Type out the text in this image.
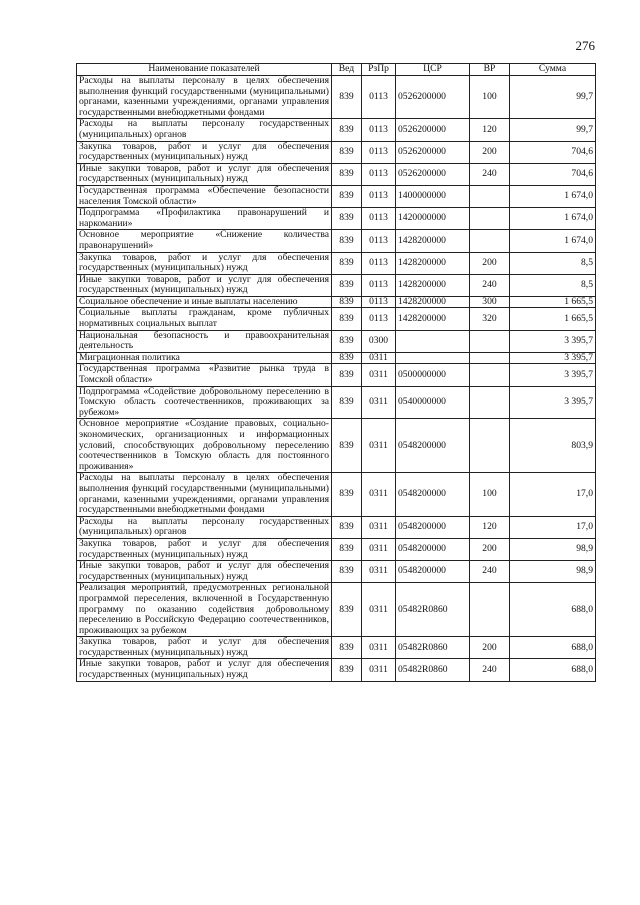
276
Наименование показателей	Вед	РзПр	ЦСР	ВР	Сумма
Расходы на выплаты персоналу в целях обеспечения выполнения функций государственными (муниципальными) органами, казенными учреждениями, органами управления государственными внебюджетными фондами	839	0113	0526200000	100	99,7
Расходы на выплаты персоналу государственных (муниципальных) органов	839	0113	0526200000	120	99,7
Закупка товаров, работ и услуг для обеспечения государственных (муниципальных) нужд	839	0113	0526200000	200	704,6
Иные закупки товаров, работ и услуг для обеспечения государственных (муниципальных) нужд	839	0113	0526200000	240	704,6
Государственная программа «Обеспечение безопасности населения Томской области»	839	0113	1400000000		1 674,0
Подпрограмма «Профилактика правонарушений и наркомании»	839	0113	1420000000		1 674,0
Основное мероприятие «Снижение количества правонарушений»	839	0113	1428200000		1 674,0
Закупка товаров, работ и услуг для обеспечения государственных (муниципальных) нужд	839	0113	1428200000	200	8,5
Иные закупки товаров, работ и услуг для обеспечения государственных (муниципальных) нужд	839	0113	1428200000	240	8,5
Социальное обеспечение и иные выплаты населению	839	0113	1428200000	300	1 665,5
Социальные выплаты гражданам, кроме публичных нормативных социальных выплат	839	0113	1428200000	320	1 665,5
Национальная безопасность и правоохранительная деятельность	839	0300			3 395,7
Миграционная политика	839	0311			3 395,7
Государственная программа «Развитие рынка труда в Томской области»	839	0311	0500000000		3 395,7
Подпрограмма «Содействие добровольному переселению в Томскую область соотечественников, проживающих за рубежом»	839	0311	0540000000		3 395,7
Основное мероприятие «Создание правовых, социально-экономических, организационных и информационных условий, способствующих добровольному переселению соотечественников в Томскую область для постоянного проживания»	839	0311	0548200000		803,9
Расходы на выплаты персоналу в целях обеспечения выполнения функций государственными (муниципальными) органами, казенными учреждениями, органами управления государственными внебюджетными фондами	839	0311	0548200000	100	17,0
Расходы на выплаты персоналу государственных (муниципальных) органов	839	0311	0548200000	120	17,0
Закупка товаров, работ и услуг для обеспечения государственных (муниципальных) нужд	839	0311	0548200000	200	98,9
Иные закупки товаров, работ и услуг для обеспечения государственных (муниципальных) нужд	839	0311	0548200000	240	98,9
Реализация мероприятий, предусмотренных региональной программой переселения, включенной в Государственную программу по оказанию содействия добровольному переселению в Российскую Федерацию соотечественников, проживающих за рубежом	839	0311	05482R0860		688,0
Закупка товаров, работ и услуг для обеспечения государственных (муниципальных) нужд	839	0311	05482R0860	200	688,0
Иные закупки товаров, работ и услуг для обеспечения государственных (муниципальных) нужд	839	0311	05482R0860	240	688,0
